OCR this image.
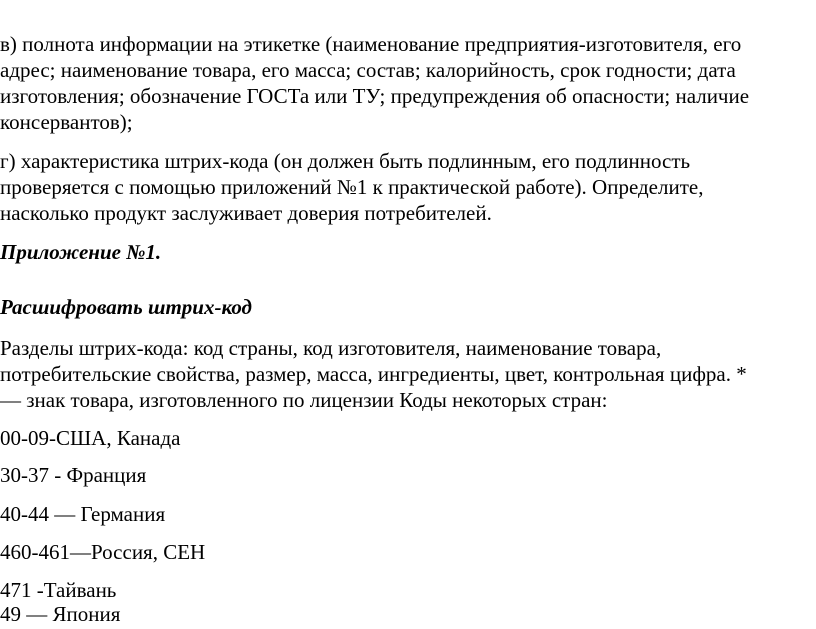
в) полнота информации на этикетке (наименование предприятия-изготовителя, его
адрес; наименование товара, его масса; состав; калорийность, срок годности; дата
изготовления; обозначение ГОСТа или ТУ; предупреждения об опасности; наличие
консервантов);

г) характеристика штрих-кода (он должен быть подлинным, его подлинность
проверяется с помощью приложений №1 к практической работе). Определите,
насколько продукт заслуживает доверия потребителей.

Приложение №1.

Расшифровать штрих-код

Разделы штрих-кода: код страны, код изготовителя, наименование товара,
потребительские свойства, размер, масса, ингредиенты, цвет, контрольная цифра. *
— знак товара, изготовленного по лицензии Коды некоторых стран:

00-09-США, Канада

30-37 - Франция

40-44 — Германия

460-461—Россия, СЕН

471 -Тайвань

49 — Япония
